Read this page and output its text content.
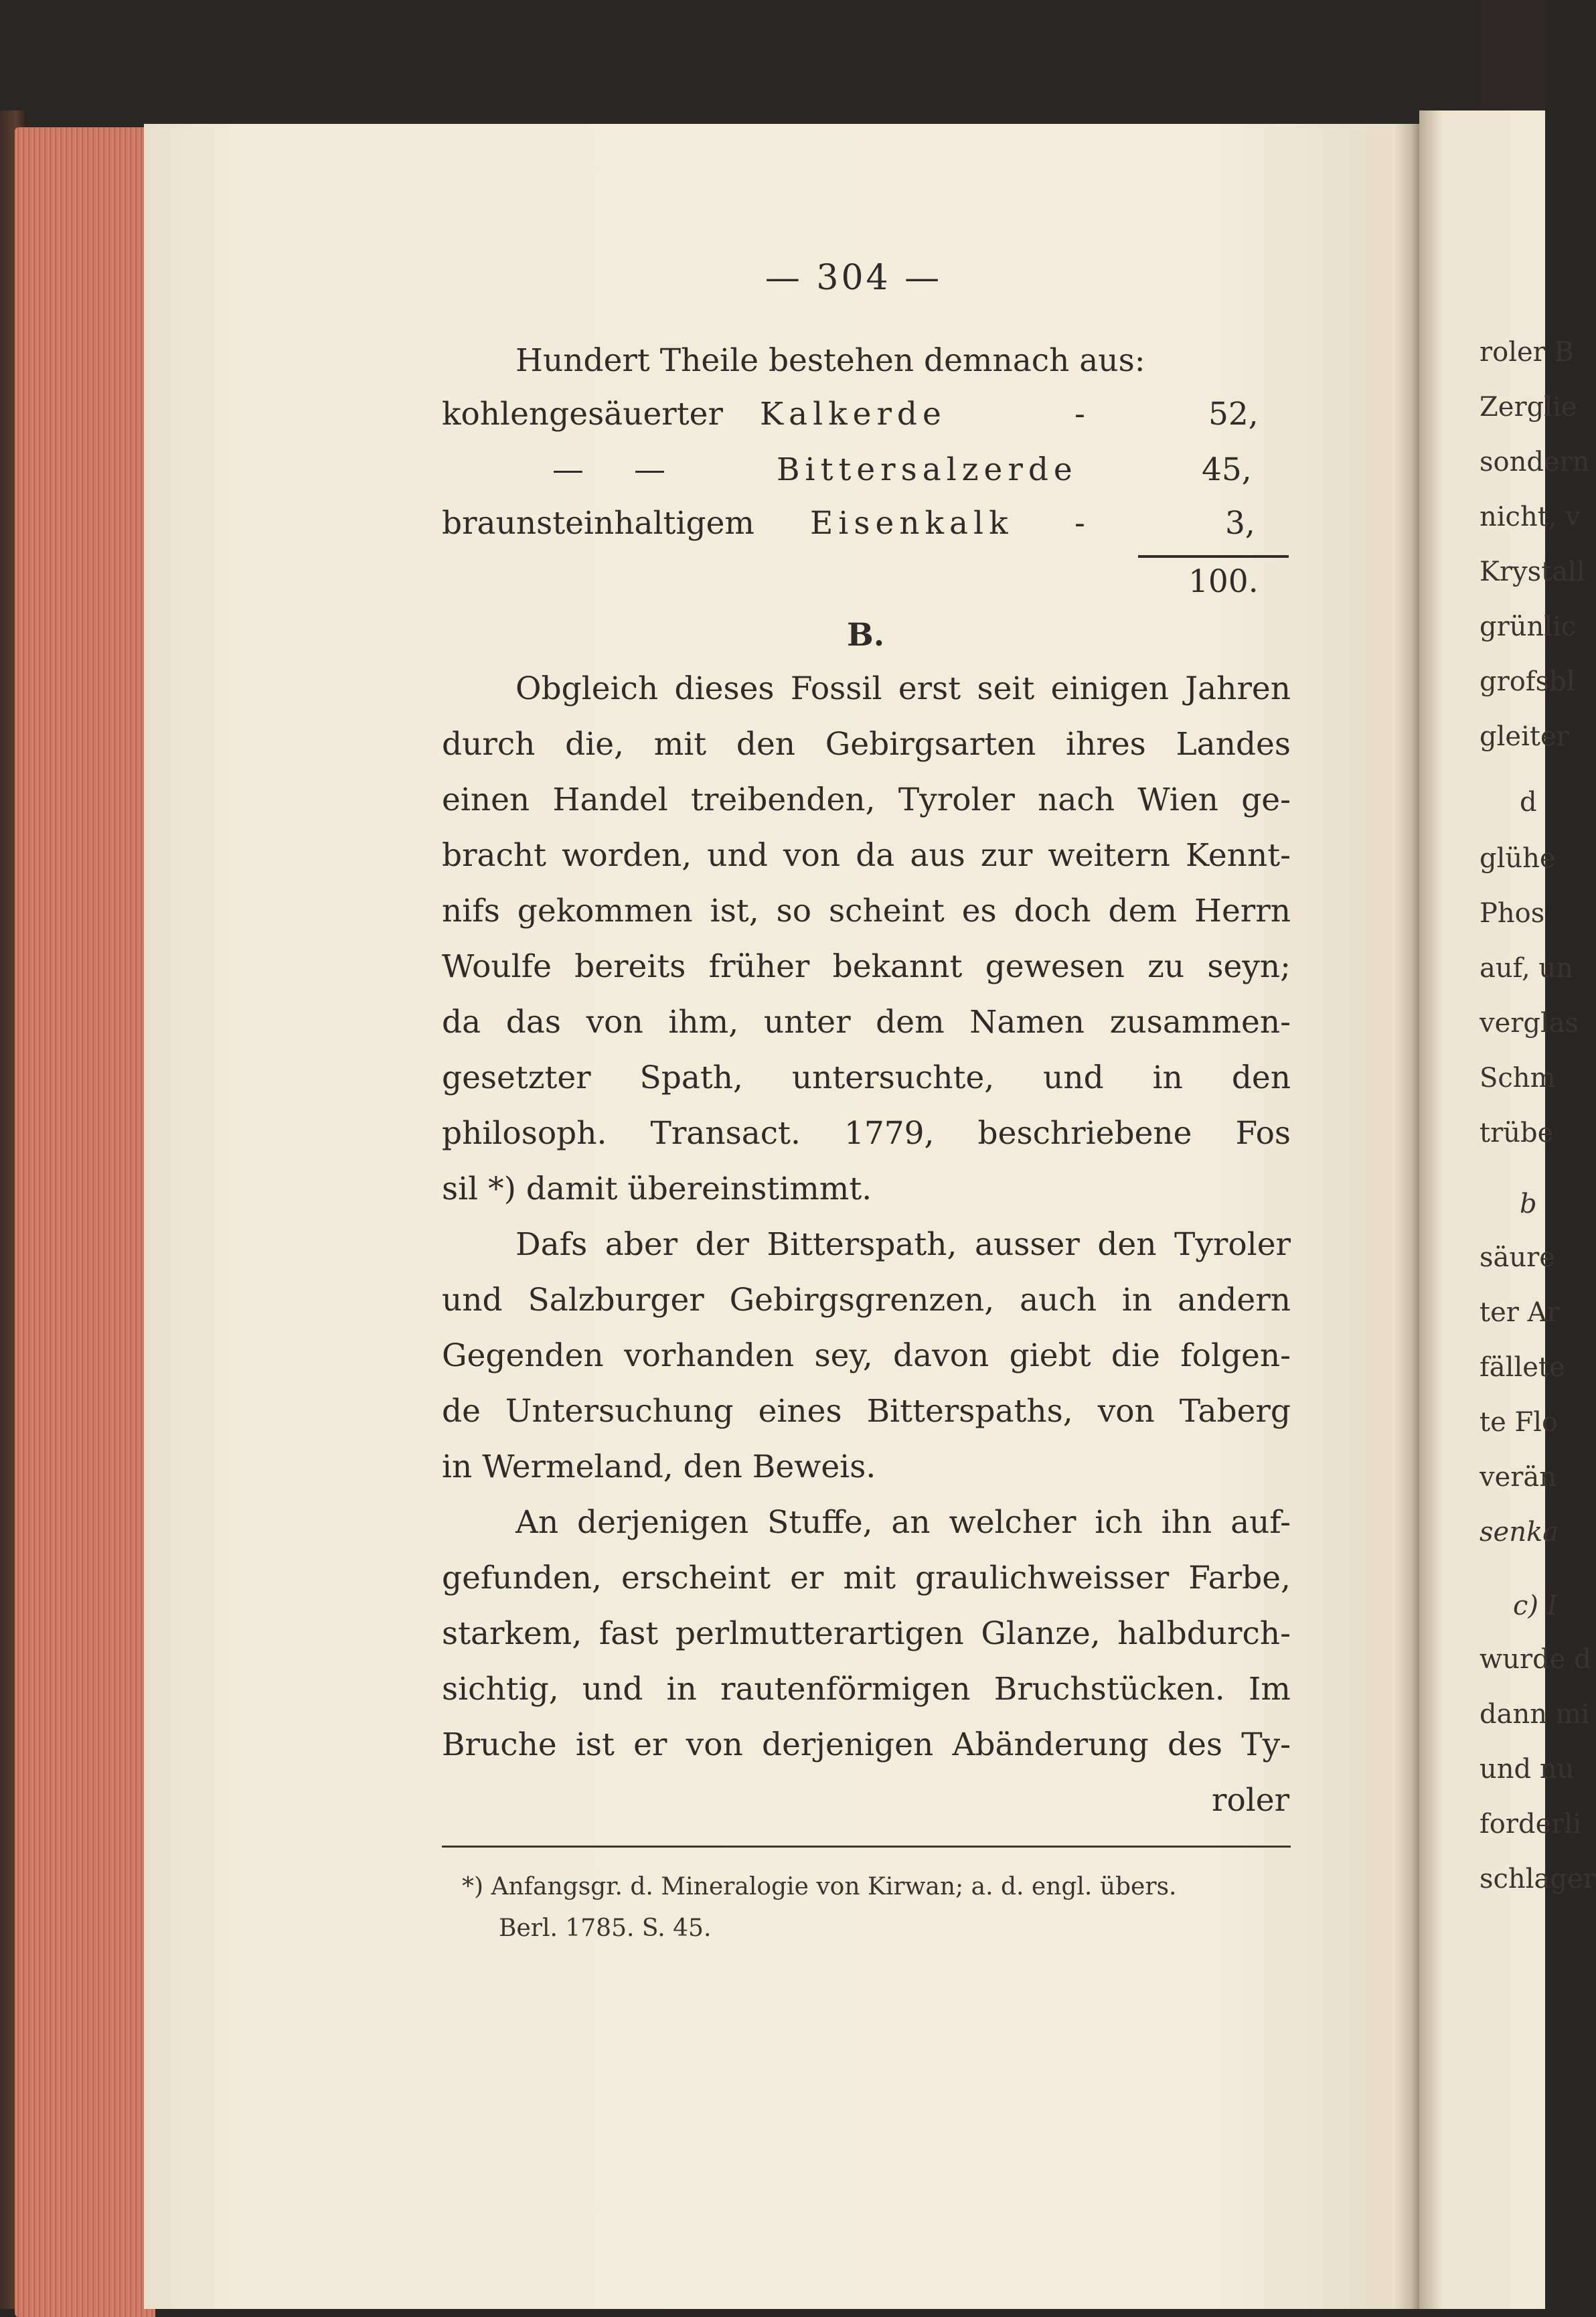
roler B
Zerglie
sondern
nicht, v
Krystall
grünlic
grofsbl
gleiter
d
glühe
Phos
auf, un
verglas
Schm
trübe
b
säure
ter Ar
fällete
te Flo
verän
senka
c) I
wurde d
dann mi
und nu
forderli
schlager
— 304 —
Hundert Theile bestehen demnach aus:
kohlengesäuerter Kalkerde	-	52,
— —	Bittersalzerde	45,
braunsteinhaltigem Eisenkalk -	3,
100.
B.
Obgleich dieses Fossil erst seit einigen Jahren
durch die, mit den Gebirgsarten ihres Landes
einen Handel treibenden, Tyroler nach Wien ge-
bracht worden, und von da aus zur weitern Kennt-
nifs gekommen ist, so scheint es doch dem Herrn
Woulfe bereits früher bekannt gewesen zu seyn;
da das von ihm, unter dem Namen zusammen-
gesetzter Spath, untersuchte, und in den
philosoph. Transact. 1779, beschriebene Fos
sil *) damit übereinstimmt.
Dafs aber der Bitterspath, ausser den Tyroler
und Salzburger Gebirgsgrenzen, auch in andern
Gegenden vorhanden sey, davon giebt die folgen-
de Untersuchung eines Bitterspaths, von Taberg
in Wermeland, den Beweis.
An derjenigen Stuffe, an welcher ich ihn auf-
gefunden, erscheint er mit graulichweisser Farbe,
starkem, fast perlmutterartigen Glanze, halbdurch-
sichtig, und in rautenförmigen Bruchstücken. Im
Bruche ist er von derjenigen Abänderung des Ty-
roler
*) Anfangsgr. d. Mineralogie von Kirwan; a. d. engl. übers.
Berl. 1785. S. 45.
